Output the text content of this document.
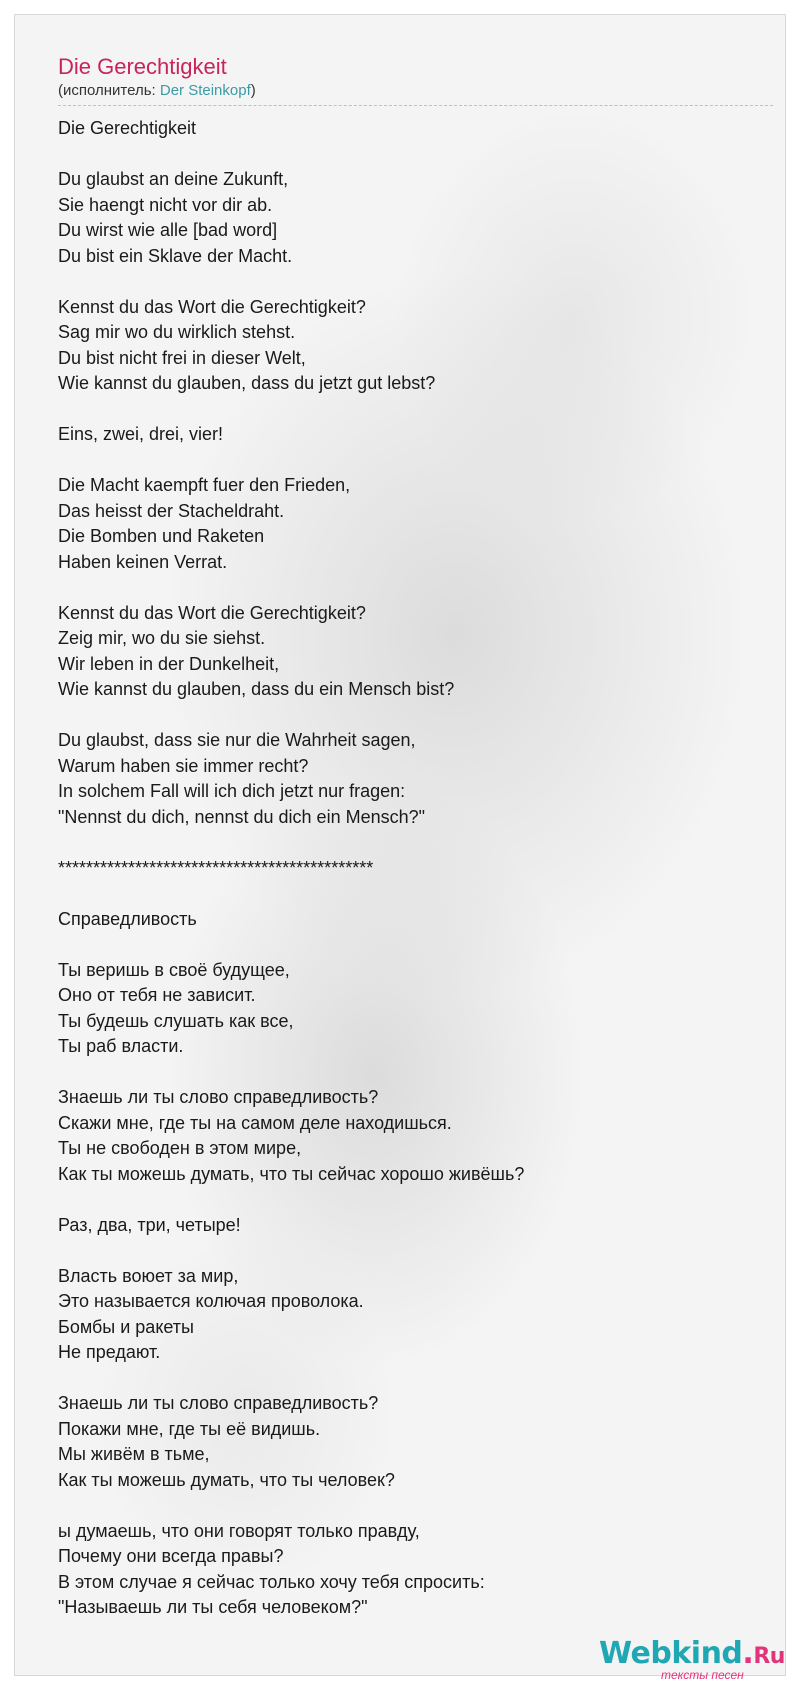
Die Gerechtigkeit
(исполнитель: Der Steinkopf)
Die Gerechtigkeit
Du glaubst an deine Zukunft,
Sie haengt nicht vor dir ab.
Du wirst wie alle [bad word]
Du bist ein Sklave der Macht.
Kennst du das Wort die Gerechtigkeit?
Sag mir wo du wirklich stehst.
Du bist nicht frei in dieser Welt,
Wie kannst du glauben, dass du jetzt gut lebst?
Eins, zwei, drei, vier!
Die Macht kaempft fuer den Frieden,
Das heisst der Stacheldraht.
Die Bomben und Raketen
Haben keinen Verrat.
Kennst du das Wort die Gerechtigkeit?
Zeig mir, wo du sie siehst.
Wir leben in der Dunkelheit,
Wie kannst du glauben, dass du ein Mensch bist?
Du glaubst, dass sie nur die Wahrheit sagen,
Warum haben sie immer recht?
In solchem Fall will ich dich jetzt nur fragen:
"Nennst du dich, nennst du dich ein Mensch?"
*********************************************
Справедливость
Ты веришь в своё будущее,
Оно от тебя не зависит.
Ты будешь слушать как все,
Ты раб власти.
Знаешь ли ты слово справедливость?
Скажи мне, где ты на самом деле находишься.
Ты не свободен в этом мире,
Как ты можешь думать, что ты сейчас хорошо живёшь?
Раз, два, три, четыре!
Власть воюет за мир,
Это называется колючая проволока.
Бомбы и ракеты
Не предают.
Знаешь ли ты слово справедливость?
Покажи мне, где ты её видишь.
Мы живём в тьме,
Как ты можешь думать, что ты человек?
ы думаешь, что они говорят только правду,
Почему они всегда правы?
В этом случае я сейчас только хочу тебя спросить:
"Называешь ли ты себя человеком?"
Webkind.Ru
тексты песен
